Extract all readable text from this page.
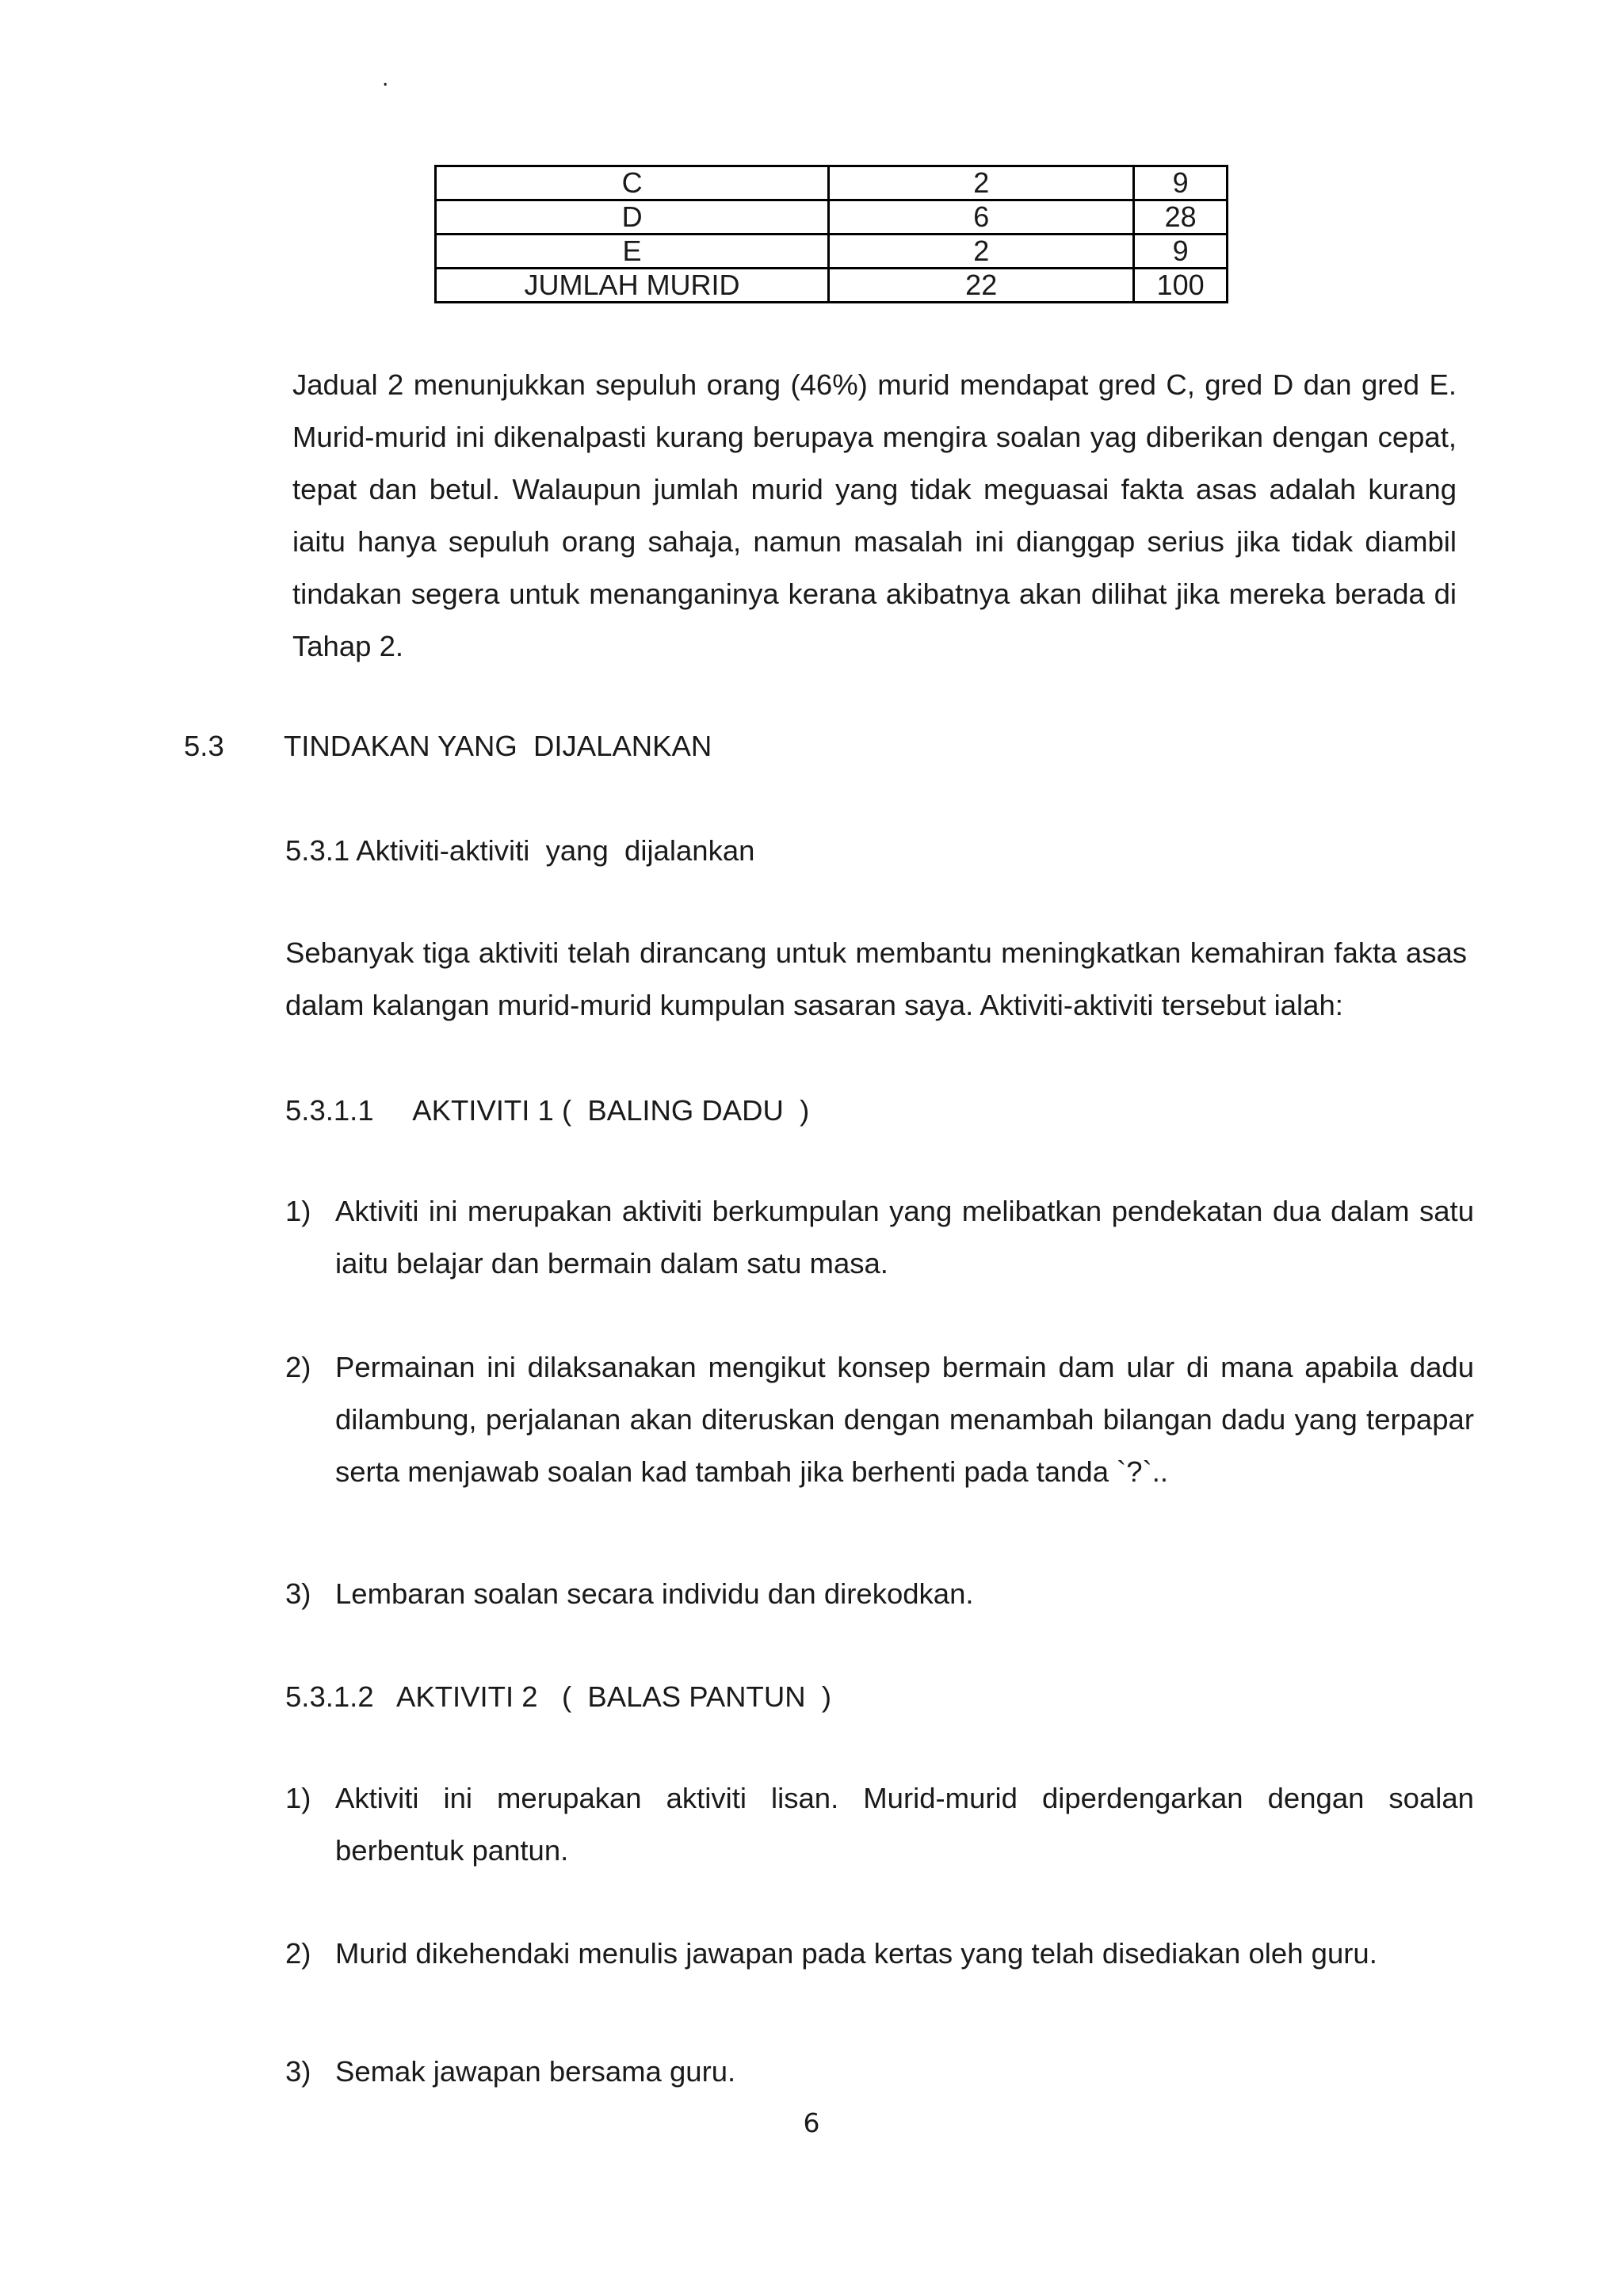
.
C	2	9
D	6	28
E	2	9
JUMLAH MURID	22	100

Jadual 2 menunjukkan sepuluh orang (46%) murid mendapat gred C, gred D dan gred E. Murid-murid ini dikenalpasti kurang berupaya mengira soalan yag diberikan dengan cepat, tepat dan betul. Walaupun jumlah murid yang tidak meguasai fakta asas adalah kurang iaitu hanya sepuluh orang sahaja, namun masalah ini dianggap serius jika tidak diambil tindakan segera untuk menanganinya kerana akibatnya akan dilihat jika mereka berada di Tahap 2.

5.3 TINDAKAN YANG  DIJALANKAN
5.3.1 Aktiviti-aktiviti  yang  dijalankan

Sebanyak tiga aktiviti telah dirancang untuk membantu meningkatkan kemahiran fakta asas dalam kalangan murid-murid kumpulan sasaran saya. Aktiviti-aktiviti tersebut ialah:

5.3.1.1     AKTIVITI 1 (  BALING DADU  )
1) Aktiviti ini merupakan aktiviti berkumpulan yang melibatkan pendekatan dua dalam satu iaitu belajar dan bermain dalam satu masa.
2) Permainan ini dilaksanakan mengikut konsep bermain dam ular di mana apabila dadu dilambung, perjalanan akan diteruskan dengan menambah bilangan dadu yang terpapar serta menjawab soalan kad tambah jika berhenti pada tanda `?`..
3) Lembaran soalan secara individu dan direkodkan.
5.3.1.2   AKTIVITI 2   (  BALAS PANTUN  )
1) Aktiviti ini merupakan aktiviti lisan. Murid-murid diperdengarkan dengan soalan berbentuk pantun.
2) Murid dikehendaki menulis jawapan pada kertas yang telah disediakan oleh guru.
3) Semak jawapan bersama guru.
6
